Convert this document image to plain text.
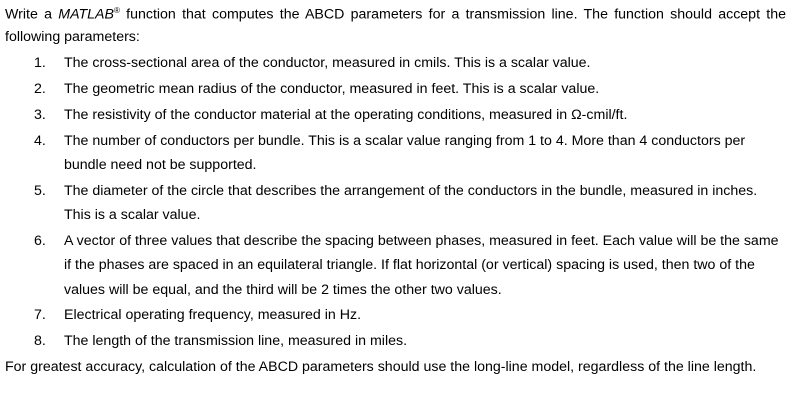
Write a MATLAB® function that computes the ABCD parameters for a transmission line. The function should accept the following parameters:

1. The cross-sectional area of the conductor, measured in cmils. This is a scalar value.
2. The geometric mean radius of the conductor, measured in feet. This is a scalar value.
3. The resistivity of the conductor material at the operating conditions, measured in Ω-cmil/ft.
4. The number of conductors per bundle. This is a scalar value ranging from 1 to 4. More than 4 conductors per bundle need not be supported.
5. The diameter of the circle that describes the arrangement of the conductors in the bundle, measured in inches. This is a scalar value.
6. A vector of three values that describe the spacing between phases, measured in feet. Each value will be the same if the phases are spaced in an equilateral triangle. If flat horizontal (or vertical) spacing is used, then two of the values will be equal, and the third will be 2 times the other two values.
7. Electrical operating frequency, measured in Hz.
8. The length of the transmission line, measured in miles.

For greatest accuracy, calculation of the ABCD parameters should use the long-line model, regardless of the line length.
